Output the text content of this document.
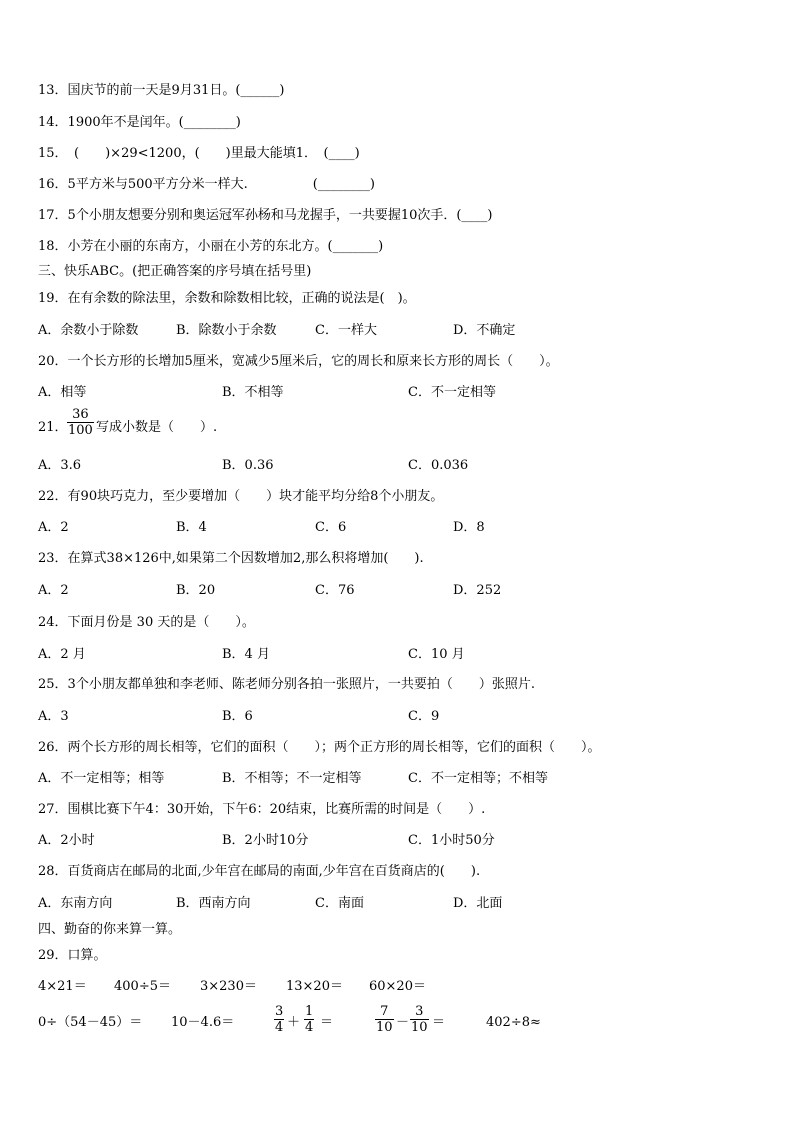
13．国庆节的前一天是9月31日。(______)
14．1900年不是闰年。(________)
15．　(　　)×29<1200，(　　)里最大能填1．　(____)
16．5平方米与500平方分米一样大.　　　　　(________)
17．5个小朋友想要分别和奥运冠军孙杨和马龙握手，一共要握10次手．(____)
18．小芳在小丽的东南方，小丽在小芳的东北方。(_______)
三、快乐ABC。(把正确答案的序号填在括号里)
19．在有余数的除法里，余数和除数相比较，正确的说法是(　)。
A．余数小于除数	B．除数小于余数	C．一样大	D．不确定
20．一个长方形的长增加5厘米，宽减少5厘米后，它的周长和原来长方形的周长（　　）。
A．相等	B．不相等	C．不一定相等
21． $\frac{36}{100}$ 写成小数是（　　）.
A．3.6	B．0.36	C．0.036
22．有90块巧克力，至少要增加（　　）块才能平均分给8个小朋友。
A．2	B．4	C．6	D．8
23．在算式38×126中,如果第二个因数增加2,那么积将增加(　　).
A．2	B．20	C．76	D．252
24．下面月份是 30 天的是（　　）。
A．2 月	B．4 月	C．10 月
25．3个小朋友都单独和李老师、陈老师分别各拍一张照片，一共要拍（　　）张照片.
A．3	B．6	C．9
26．两个长方形的周长相等，它们的面积（　　）；两个正方形的周长相等，它们的面积（　　）。
A．不一定相等；相等	B．不相等；不一定相等	C．不一定相等；不相等
27．围棋比赛下午4：30开始，下午6：20结束，比赛所需的时间是（　　）.
A．2小时	B．2小时10分	C．1小时50分
28．百货商店在邮局的北面,少年宫在邮局的南面,少年宫在百货商店的(　　).
A．东南方向	B．西南方向	C．南面	D．北面
四、勤奋的你来算一算。
29．口算。
4×21＝ 400÷5＝ 3×230＝ 13×20＝ 60×20＝
0÷（54－45）＝ 10－4.6＝	$\frac{3}{4} + \frac{1}{4}$ ＝	$\frac{7}{10} - \frac{3}{10}$ ＝	402÷8≈
